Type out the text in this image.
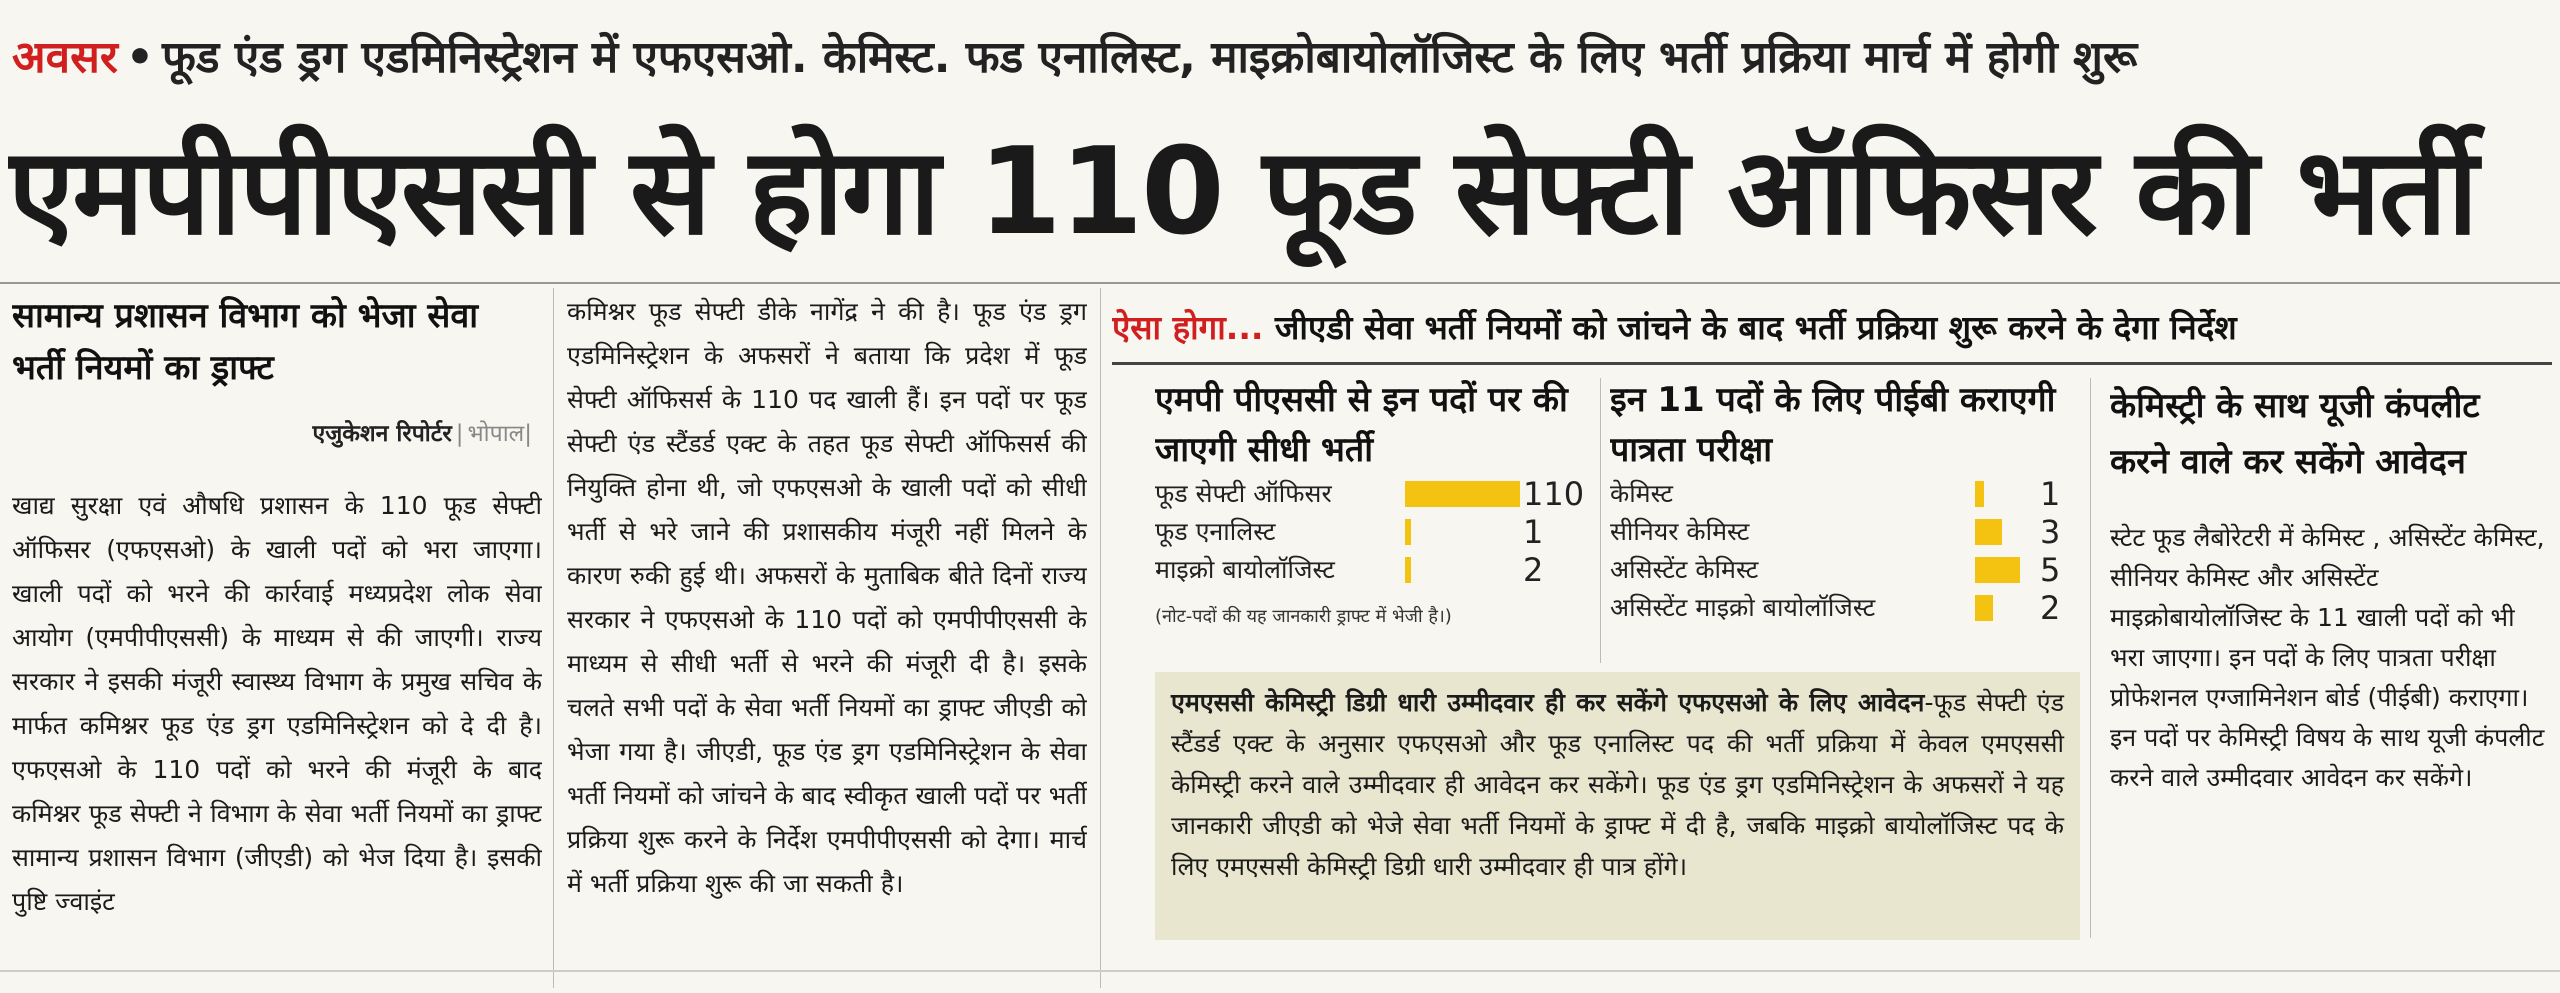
अवसर • फूड एंड ड्रग एडमिनिस्ट्रेशन में एफएसओ. केमिस्ट. फड एनालिस्ट, माइक्रोबायोलॉजिस्ट के लिए भर्ती प्रक्रिया मार्च में होगी शुरू
एमपीपीएससी से होगा 110 फूड सेफ्टी ऑफिसर की भर्ती
सामान्य प्रशासन विभाग को भेजा सेवा भर्ती नियमों का ड्राफ्ट
एजुकेशन रिपोर्टर | भोपाल|
खाद्य सुरक्षा एवं औषधि प्रशासन के 110 फूड सेफ्टी ऑफिसर (एफएसओ) के खाली पदों को भरा जाएगा। खाली पदों को भरने की कार्रवाई मध्यप्रदेश लोक सेवा आयोग (एमपीपीएससी) के माध्यम से की जाएगी। राज्य सरकार ने इसकी मंजूरी स्वास्थ्य विभाग के प्रमुख सचिव के मार्फत कमिश्नर फूड एंड ड्रग एडमिनिस्ट्रेशन को दे दी है। एफएसओ के 110 पदों को भरने की मंजूरी के बाद कमिश्नर फूड सेफ्टी ने विभाग के सेवा भर्ती नियमों का ड्राफ्ट सामान्य प्रशासन विभाग (जीएडी) को भेज दिया है। इसकी पुष्टि ज्वाइंट
कमिश्नर फूड सेफ्टी डीके नागेंद्र ने की है। फूड एंड ड्रग एडमिनिस्ट्रेशन के अफसरों ने बताया कि प्रदेश में फूड सेफ्टी ऑफिसर्स के 110 पद खाली हैं। इन पदों पर फूड सेफ्टी एंड स्टैंडर्ड एक्ट के तहत फूड सेफ्टी ऑफिसर्स की नियुक्ति होना थी, जो एफएसओ के खाली पदों को सीधी भर्ती से भरे जाने की प्रशासकीय मंजूरी नहीं मिलने के कारण रुकी हुई थी। अफसरों के मुताबिक बीते दिनों राज्य सरकार ने एफएसओ के 110 पदों को एमपीपीएससी के माध्यम से सीधी भर्ती से भरने की मंजूरी दी है। इसके चलते सभी पदों के सेवा भर्ती नियमों का ड्राफ्ट जीएडी को भेजा गया है। जीएडी, फूड एंड ड्रग एडमिनिस्ट्रेशन के सेवा भर्ती नियमों को जांचने के बाद स्वीकृत खाली पदों पर भर्ती प्रक्रिया शुरू करने के निर्देश एमपीपीएससी को देगा। मार्च में भर्ती प्रक्रिया शुरू की जा सकती है।
ऐसा होगा... जीएडी सेवा भर्ती नियमों को जांचने के बाद भर्ती प्रक्रिया शुरू करने के देगा निर्देश
एमपी पीएससी से इन पदों पर की जाएगी सीधी भर्ती
फूड सेफ्टी ऑफिसर	110
फूड एनालिस्ट	1
माइक्रो बायोलॉजिस्ट	2
(नोट-पदों की यह जानकारी ड्राफ्ट में भेजी है।)
इन 11 पदों के लिए पीईबी कराएगी पात्रता परीक्षा
केमिस्ट	1
सीनियर केमिस्ट	3
असिस्टेंट केमिस्ट	5
असिस्टेंट माइक्रो बायोलॉजिस्ट	2
केमिस्ट्री के साथ यूजी कंपलीट करने वाले कर सकेंगे आवेदन
स्टेट फूड लैबोरेटरी में केमिस्ट , असिस्टेंट केमिस्ट, सीनियर केमिस्ट और असिस्टेंट माइक्रोबायोलॉजिस्ट के 11 खाली पदों को भी भरा जाएगा। इन पदों के लिए पात्रता परीक्षा प्रोफेशनल एग्जामिनेशन बोर्ड (पीईबी) कराएगा। इन पदों पर केमिस्ट्री विषय के साथ यूजी कंपलीट करने वाले उम्मीदवार आवेदन कर सकेंगे।

एमएससी केमिस्ट्री डिग्री धारी उम्मीदवार ही कर सकेंगे एफएसओ के लिए आवेदन-फूड सेफ्टी एंड स्टैंडर्ड एक्ट के अनुसार एफएसओ और फूड एनालिस्ट पद की भर्ती प्रक्रिया में केवल एमएससी केमिस्ट्री करने वाले उम्मीदवार ही आवेदन कर सकेंगे। फूड एंड ड्रग एडमिनिस्ट्रेशन के अफसरों ने यह जानकारी जीएडी को भेजे सेवा भर्ती नियमों के ड्राफ्ट में दी है, जबकि माइक्रो बायोलॉजिस्ट पद के लिए एमएससी केमिस्ट्री डिग्री धारी उम्मीदवार ही पात्र होंगे।
